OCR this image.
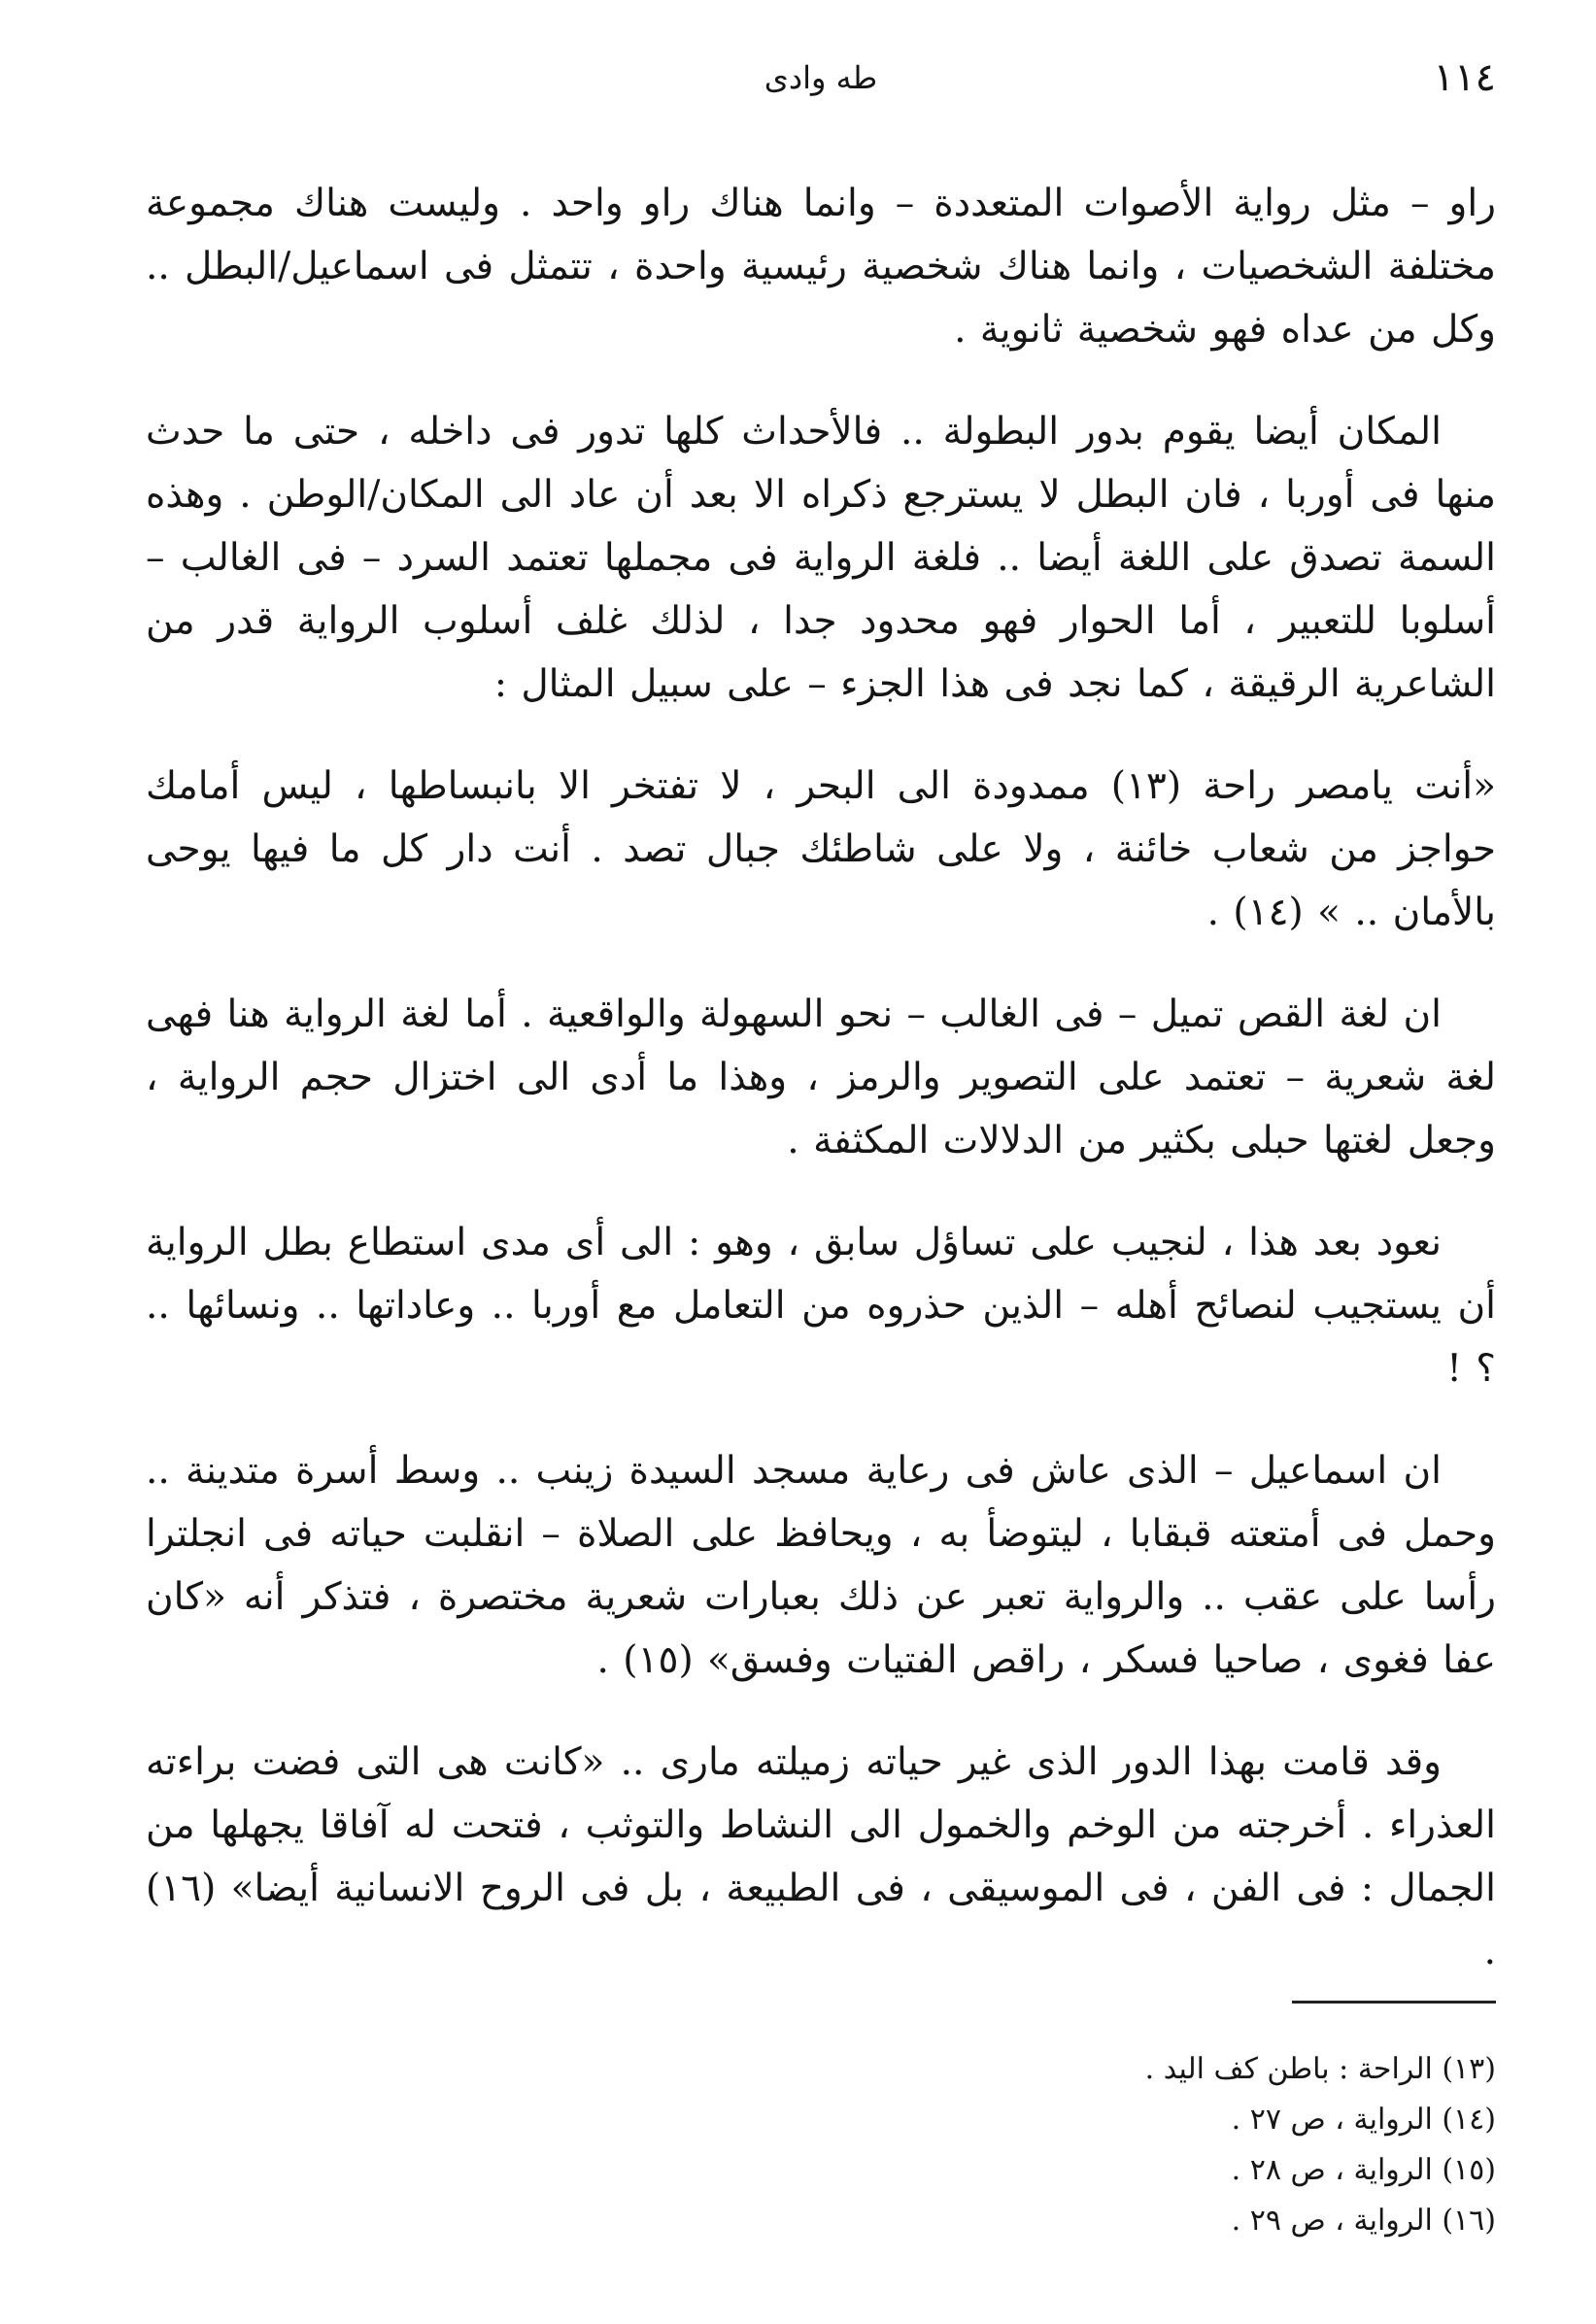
١١٤
طه وادى

راو – مثل رواية الأصوات المتعددة – وانما هناك راو واحد . وليست هناك مجموعة مختلفة الشخصيات ، وانما هناك شخصية رئيسية واحدة ، تتمثل فى اسماعيل/البطل .. وكل من عداه فهو شخصية ثانوية .

المكان أيضا يقوم بدور البطولة .. فالأحداث كلها تدور فى داخله ، حتى ما حدث منها فى أوربا ، فان البطل لا يسترجع ذكراه الا بعد أن عاد الى المكان/الوطن . وهذه السمة تصدق على اللغة أيضا .. فلغة الرواية فى مجملها تعتمد السرد – فى الغالب – أسلوبا للتعبير ، أما الحوار فهو محدود جدا ، لذلك غلف أسلوب الرواية قدر من الشاعرية الرقيقة ، كما نجد فى هذا الجزء – على سبيل المثال :

«أنت يامصر راحة (١٣) ممدودة الى البحر ، لا تفتخر الا بانبساطها ، ليس أمامك حواجز من شعاب خائنة ، ولا على شاطئك جبال تصد . أنت دار كل ما فيها يوحى بالأمان .. » (١٤) .

ان لغة القص تميل – فى الغالب – نحو السهولة والواقعية . أما لغة الرواية هنا فهى لغة شعرية – تعتمد على التصوير والرمز ، وهذا ما أدى الى اختزال حجم الرواية ، وجعل لغتها حبلى بكثير من الدلالات المكثفة .

نعود بعد هذا ، لنجيب على تساؤل سابق ، وهو : الى أى مدى استطاع بطل الرواية أن يستجيب لنصائح أهله – الذين حذروه من التعامل مع أوربا .. وعاداتها .. ونسائها .. ؟ !

ان اسماعيل – الذى عاش فى رعاية مسجد السيدة زينب .. وسط أسرة متدينة .. وحمل فى أمتعته قبقابا ، ليتوضأ به ، ويحافظ على الصلاة – انقلبت حياته فى انجلترا رأسا على عقب .. والرواية تعبر عن ذلك بعبارات شعرية مختصرة ، فتذكر أنه «كان عفا فغوى ، صاحيا فسكر ، راقص الفتيات وفسق» (١٥) .

وقد قامت بهذا الدور الذى غير حياته زميلته مارى .. «كانت هى التى فضت براءته العذراء . أخرجته من الوخم والخمول الى النشاط والتوثب ، فتحت له آفاقا يجهلها من الجمال : فى الفن ، فى الموسيقى ، فى الطبيعة ، بل فى الروح الانسانية أيضا» (١٦) .

(١٣) الراحة : باطن كف اليد .
(١٤) الرواية ، ص ٢٧ .
(١٥) الرواية ، ص ٢٨ .
(١٦) الرواية ، ص ٢٩ .
